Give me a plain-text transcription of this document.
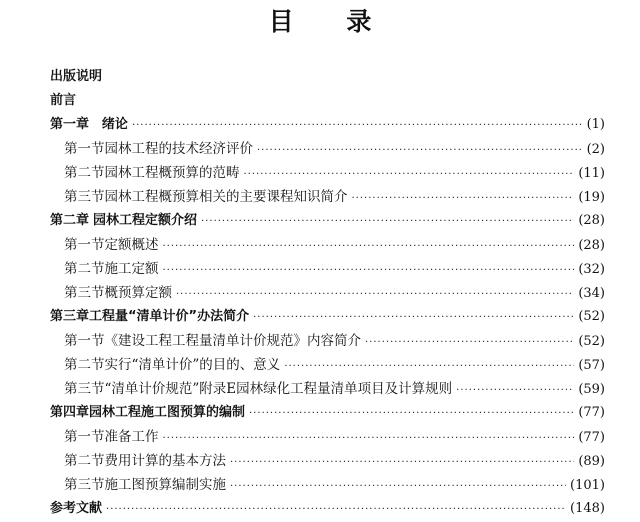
目 录
出版说明
前言
第一章 绪论 ·····	(1)
第一节 园林工程的技术经济评价 ·····	(2)
第二节 园林工程概预算的范畴 ·····	(11)
第三节 园林工程概预算相关的主要课程知识简介 ·····	(19)
第二章 园林工程定额介绍 ·····	(28)
第一节 定额概述 ·····	(28)
第二节 施工定额 ·····	(32)
第三节 概预算定额 ·····	(34)
第三章 工程量“清单计价”办法简介 ·····	(52)
第一节 《建设工程工程量清单计价规范》内容简介 ·····	(52)
第二节 实行“清单计价”的目的、意义 ·····	(57)
第三节 “清单计价规范”附录E园林绿化工程量清单项目及计算规则 ·····	(59)
第四章 园林工程施工图预算的编制 ·····	(77)
第一节 准备工作 ·····	(77)
第二节 费用计算的基本方法 ·····	(89)
第三节 施工图预算编制实施 ·····	(101)
参考文献 ·····	(148)
